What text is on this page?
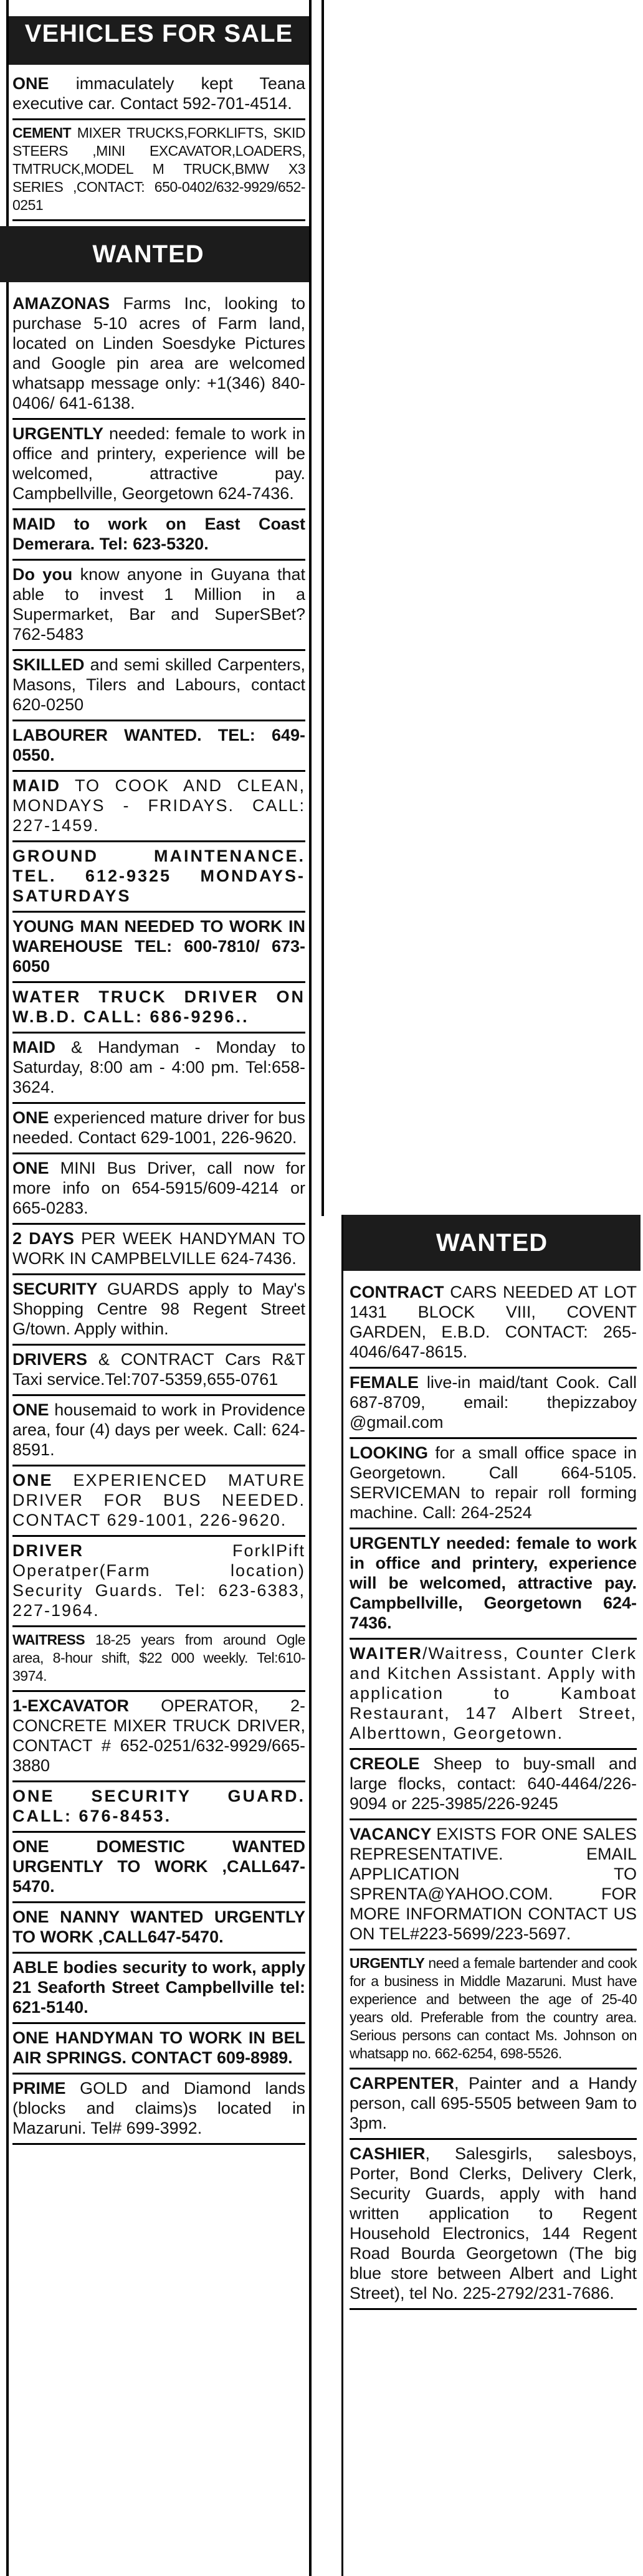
VEHICLES FOR SALE
ONE immaculately kept Teana executive car. Contact 592-701-4514.
CEMENT MIXER TRUCKS,FORKLIFTS, SKID STEERS ,MINI EXCAVATOR,LOADERS, TMTRUCK,MODEL M TRUCK,BMW X3 SERIES ,CONTACT: 650-0402/632-9929/652-0251
WANTED
AMAZONAS Farms Inc, looking to purchase 5-10 acres of Farm land, located on Linden Soesdyke Pictures and Google pin area are welcomed whatsapp message only: +1(346) 840-0406/ 641-6138.
URGENTLY needed: female to work in office and printery, experience will be welcomed, attractive pay. Campbellville, Georgetown 624-7436.
MAID to work on East Coast Demerara. Tel: 623-5320.
Do you know anyone in Guyana that able to invest 1 Million in a Supermarket, Bar and SuperSBet? 762-5483
SKILLED and semi skilled Carpenters, Masons, Tilers and Labours, contact 620-0250
LABOURER WANTED. TEL: 649-0550.
MAID TO COOK AND CLEAN, MONDAYS - FRIDAYS. CALL: 227-1459.
GROUND MAINTENANCE. TEL. 612-9325 MONDAYS-SATURDAYS
YOUNG MAN NEEDED TO WORK IN WAREHOUSE TEL: 600-7810/ 673-6050
WATER TRUCK DRIVER ON W.B.D. CALL: 686-9296..
MAID & Handyman - Monday to Saturday, 8:00 am - 4:00 pm. Tel:658-3624.
ONE experienced mature driver for bus needed. Contact 629-1001, 226-9620.
ONE MINI Bus Driver, call now for more info on 654-5915/609-4214 or 665-0283.
2 DAYS PER WEEK HANDYMAN TO WORK IN CAMPBELVILLE 624-7436.
SECURITY GUARDS apply to May's Shopping Centre 98 Regent Street G/town. Apply within.
DRIVERS & CONTRACT Cars R&T Taxi service.Tel:707-5359,655-0761
ONE housemaid to work in Providence area, four (4) days per week. Call: 624-8591.
ONE EXPERIENCED MATURE DRIVER FOR BUS NEEDED. CONTACT 629-1001, 226-9620.
DRIVER ForklPift Operatper(Farm location) Security Guards. Tel: 623-6383, 227-1964.
WAITRESS 18-25 years from around Ogle area, 8-hour shift, $22 000 weekly. Tel:610-3974.
1-EXCAVATOR OPERATOR, 2- CONCRETE MIXER TRUCK DRIVER, CONTACT # 652-0251/632-9929/665-3880
ONE SECURITY GUARD. CALL: 676-8453.
ONE DOMESTIC WANTED URGENTLY TO WORK ,CALL647-5470.
ONE NANNY WANTED URGENTLY TO WORK ,CALL647-5470.
ABLE bodies security to work, apply 21 Seaforth Street Campbellville tel: 621-5140.
ONE HANDYMAN TO WORK IN BEL AIR SPRINGS. CONTACT 609-8989.
PRIME GOLD and Diamond lands (blocks and claims)s located in Mazaruni. Tel# 699-3992.
WANTED
CONTRACT CARS NEEDED AT LOT 1431 BLOCK VIII, COVENT GARDEN, E.B.D. CONTACT: 265-4046/647-8615.
FEMALE live-in maid/tant Cook. Call 687-8709, email: thepizzaboy @gmail.com
LOOKING for a small office space in Georgetown. Call 664-5105. SERVICEMAN to repair roll forming machine. Call: 264-2524
URGENTLY needed: female to work in office and printery, experience will be welcomed, attractive pay. Campbellville, Georgetown 624-7436.
WAITER/Waitress, Counter Clerk and Kitchen Assistant. Apply with application to Kamboat Restaurant, 147 Albert Street, Alberttown, Georgetown.
CREOLE Sheep to buy-small and large flocks, contact: 640-4464/226-9094 or 225-3985/226-9245
VACANCY EXISTS FOR ONE SALES REPRESENTATIVE. EMAIL APPLICATION TO SPRENTA@YAHOO.COM. FOR MORE INFORMATION CONTACT US ON TEL#223-5699/223-5697.
URGENTLY need a female bartender and cook for a business in Middle Mazaruni. Must have experience and between the age of 25-40 years old. Preferable from the country area. Serious persons can contact Ms. Johnson on whatsapp no. 662-6254, 698-5526.
CARPENTER, Painter and a Handy person, call 695-5505 between 9am to 3pm.
CASHIER, Salesgirls, salesboys, Porter, Bond Clerks, Delivery Clerk, Security Guards, apply with hand written application to Regent Household Electronics, 144 Regent Road Bourda Georgetown (The big blue store between Albert and Light Street), tel No. 225-2792/231-7686.
